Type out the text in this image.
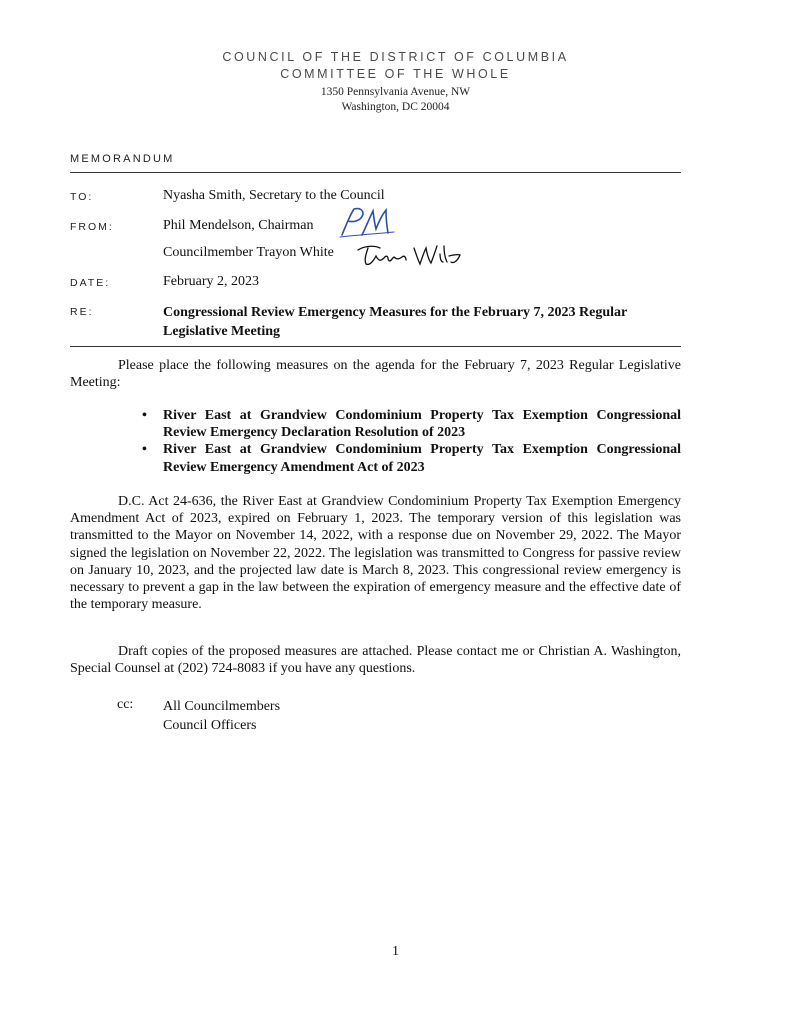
COUNCIL OF THE DISTRICT OF COLUMBIA
COMMITTEE OF THE WHOLE
1350 Pennsylvania Avenue, NW
Washington, DC 20004
MEMORANDUM
TO:	Nyasha Smith, Secretary to the Council
FROM:	Phil Mendelson, Chairman
Councilmember Trayon White
DATE:	February 2, 2023
RE:	Congressional Review Emergency Measures for the February 7, 2023 Regular Legislative Meeting
Please place the following measures on the agenda for the February 7, 2023 Regular Legislative Meeting:
• River East at Grandview Condominium Property Tax Exemption Congressional Review Emergency Declaration Resolution of 2023
• River East at Grandview Condominium Property Tax Exemption Congressional Review Emergency Amendment Act of 2023
D.C. Act 24-636, the River East at Grandview Condominium Property Tax Exemption Emergency Amendment Act of 2023, expired on February 1, 2023. The temporary version of this legislation was transmitted to the Mayor on November 14, 2022, with a response due on November 29, 2022. The Mayor signed the legislation on November 22, 2022. The legislation was transmitted to Congress for passive review on January 10, 2023, and the projected law date is March 8, 2023. This congressional review emergency is necessary to prevent a gap in the law between the expiration of emergency measure and the effective date of the temporary measure.
Draft copies of the proposed measures are attached. Please contact me or Christian A. Washington, Special Counsel at (202) 724-8083 if you have any questions.
cc: All Councilmembers
Council Officers
1
